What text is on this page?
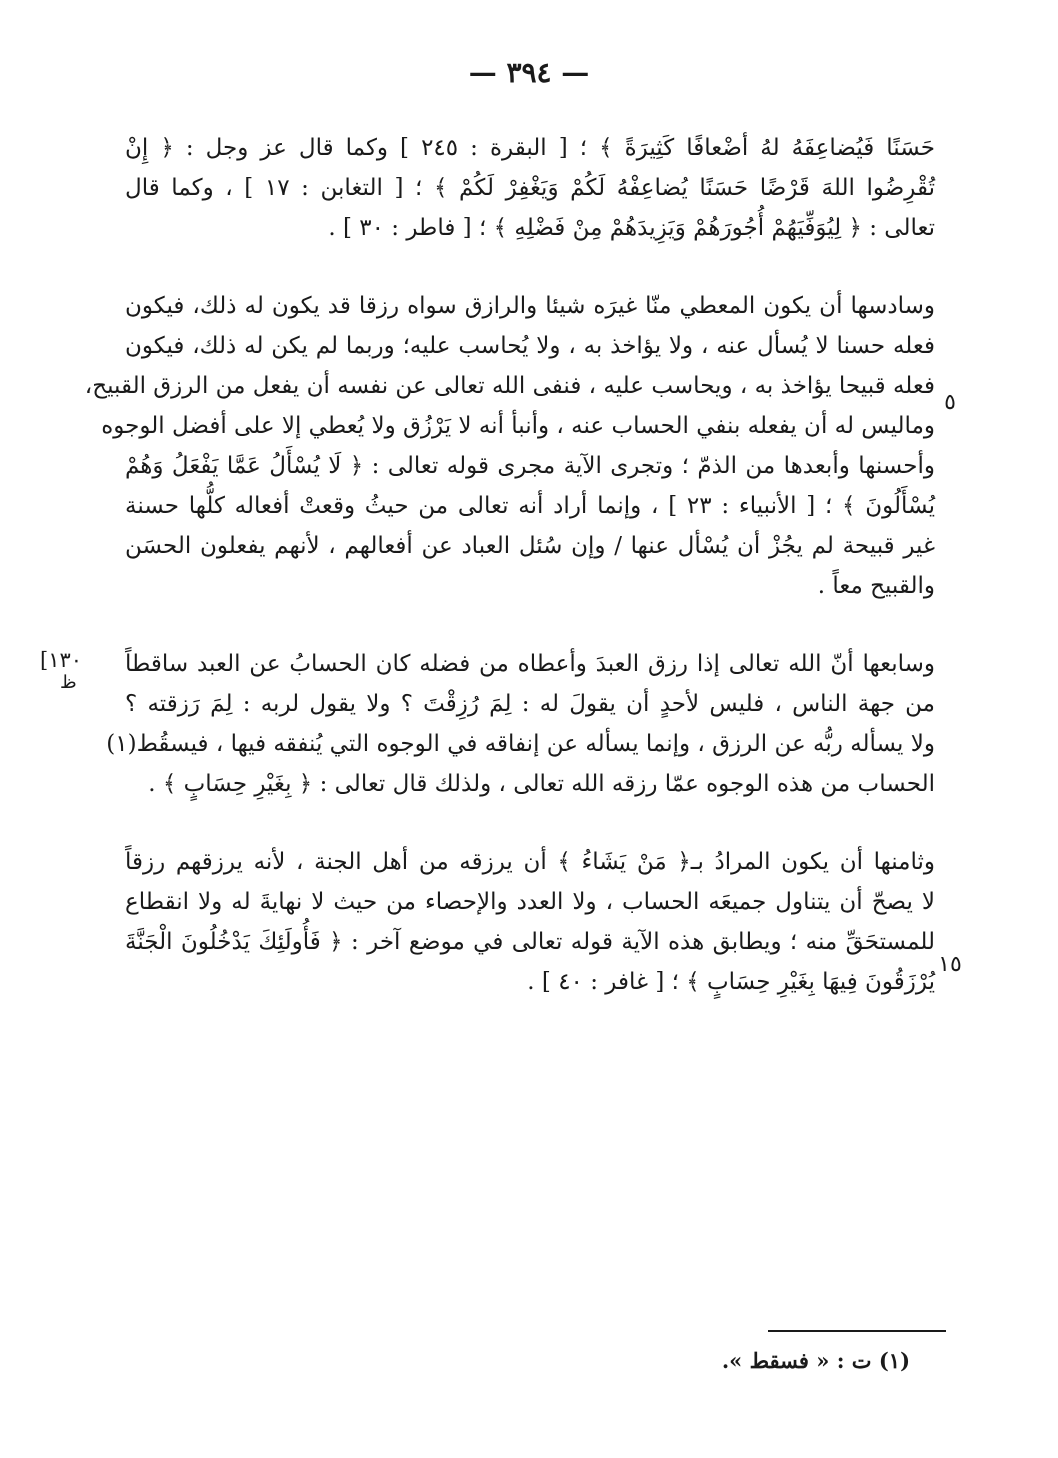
— ٣٩٤ —
حَسَنًا فَيُضاعِفَهُ لهُ أضْعافًا كَثِيرَةً ﴾ ؛ [ البقرة : ٢٤٥ ] وكما قال عز وجل : ﴿ إِنْ
تُقْرِضُوا اللهَ قَرْضًا حَسَنًا يُضاعِفْهُ لَكُمْ وَيَغْفِرْ لَكُمْ ﴾ ؛ [ التغابن : ١٧ ] ، وكما قال
تعالى : ﴿ لِيُوَفِّيَهُمْ أُجُورَهُمْ وَيَزِيدَهُمْ مِنْ فَضْلِهِ ﴾ ؛ [ فاطر : ٣٠ ] .
وسادسها أن يكون المعطي منّا غيرَه شيئا والرازق سواه رزقا قد يكون له ذلك، فيكون
فعله حسنا لا يُسأل عنه ، ولا يؤاخذ به ، ولا يُحاسب عليه؛ وربما لم يكن له ذلك، فيكون
فعله قبيحا يؤاخذ به ، ويحاسب عليه ، فنفى الله تعالى عن نفسه أن يفعل من الرزق القبيح،
وماليس له أن يفعله بنفي الحساب عنه ، وأنبأ أنه لا يَرْزُق ولا يُعطي إلا على أفضل الوجوه
وأحسنها وأبعدها من الذمّ ؛ وتجرى الآية مجرى قوله تعالى : ﴿ لَا يُسْأَلُ عَمَّا يَفْعَلُ وَهُمْ
يُسْأَلُونَ ﴾ ؛ [ الأنبياء : ٢٣ ] ، وإنما أراد أنه تعالى من حيثُ وقعتْ أفعاله كلُّها حسنة
غير قبيحة لم يجُزْ أن يُسْأل عنها / وإن سُئل العباد عن أفعالهم ، لأنهم يفعلون الحسَن
والقبيح معاً .
وسابعها أنّ الله تعالى إذا رزق العبدَ وأعطاه من فضله كان الحسابُ عن العبد ساقطاً
من جهة الناس ، فليس لأحدٍ أن يقولَ له : لِمَ رُزِقْتَ ؟ ولا يقول لربه : لِمَ رَزقته ؟
ولا يسأله ربُّه عن الرزق ، وإنما يسأله عن إنفاقه في الوجوه التي يُنفقه فيها ، فيسقُط(١)
الحساب من هذه الوجوه عمّا رزقه الله تعالى ، ولذلك قال تعالى : ﴿ بِغَيْرِ حِسَابٍ ﴾ .
وثامنها أن يكون المرادُ بـ﴿ مَنْ يَشَاءُ ﴾ أن يرزقه من أهل الجنة ، لأنه يرزقهم رزقاً
لا يصحّ أن يتناول جميعَه الحساب ، ولا العدد والإحصاء من حيث لا نهايةَ له ولا انقطاع
للمستحَقِّ منه ؛ ويطابق هذه الآية قوله تعالى في موضع آخر : ﴿ فَأُولَئِكَ يَدْخُلُونَ الْجَنَّةَ
يُرْزَقُونَ فِيهَا بِغَيْرِ حِسَابٍ ﴾ ؛ [ غافر : ٤٠ ] .
٥
١٥
[١٣٠
ظ
(١) ت : « فسقط ».
